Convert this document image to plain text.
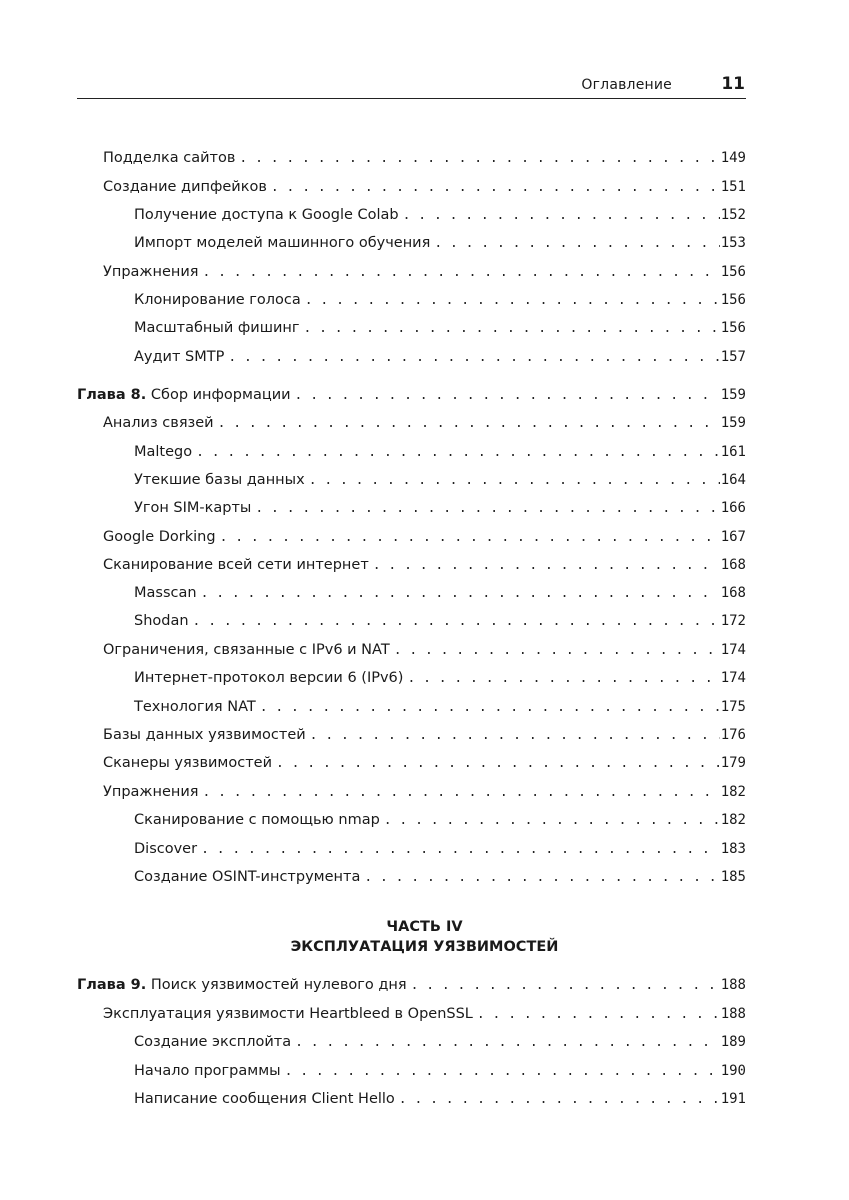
Оглавление	11
Подделка сайтов . . .	149
Создание дипфейков . . .	151
Получение доступа к Google Colab . . .	152
Импорт моделей машинного обучения . . .	153
Упражнения . . .	156
Клонирование голоса . . .	156
Масштабный фишинг . . .	156
Аудит SMTP . . .	157
Глава 8. Сбор информации . . .	159
Анализ связей . . .	159
Maltego . . .	161
Утекшие базы данных . . .	164
Угон SIM-карты . . .	166
Google Dorking . . .	167
Сканирование всей сети интернет . . .	168
Masscan . . .	168
Shodan . . .	172
Ограничения, связанные с IPv6 и NAT . . .	174
Интернет-протокол версии 6 (IPv6) . . .	174
Технология NAT . . .	175
Базы данных уязвимостей . . .	176
Сканеры уязвимостей . . .	179
Упражнения . . .	182
Сканирование с помощью nmap . . .	182
Discover . . .	183
Создание OSINT-инструмента . . .	185
ЧАСТЬ IV
ЭКСПЛУАТАЦИЯ УЯЗВИМОСТЕЙ
Глава 9. Поиск уязвимостей нулевого дня . . .	188
Эксплуатация уязвимости Heartbleed в OpenSSL . . .	188
Создание эксплойта . . .	189
Начало программы . . .	190
Написание сообщения Client Hello . . .	191
